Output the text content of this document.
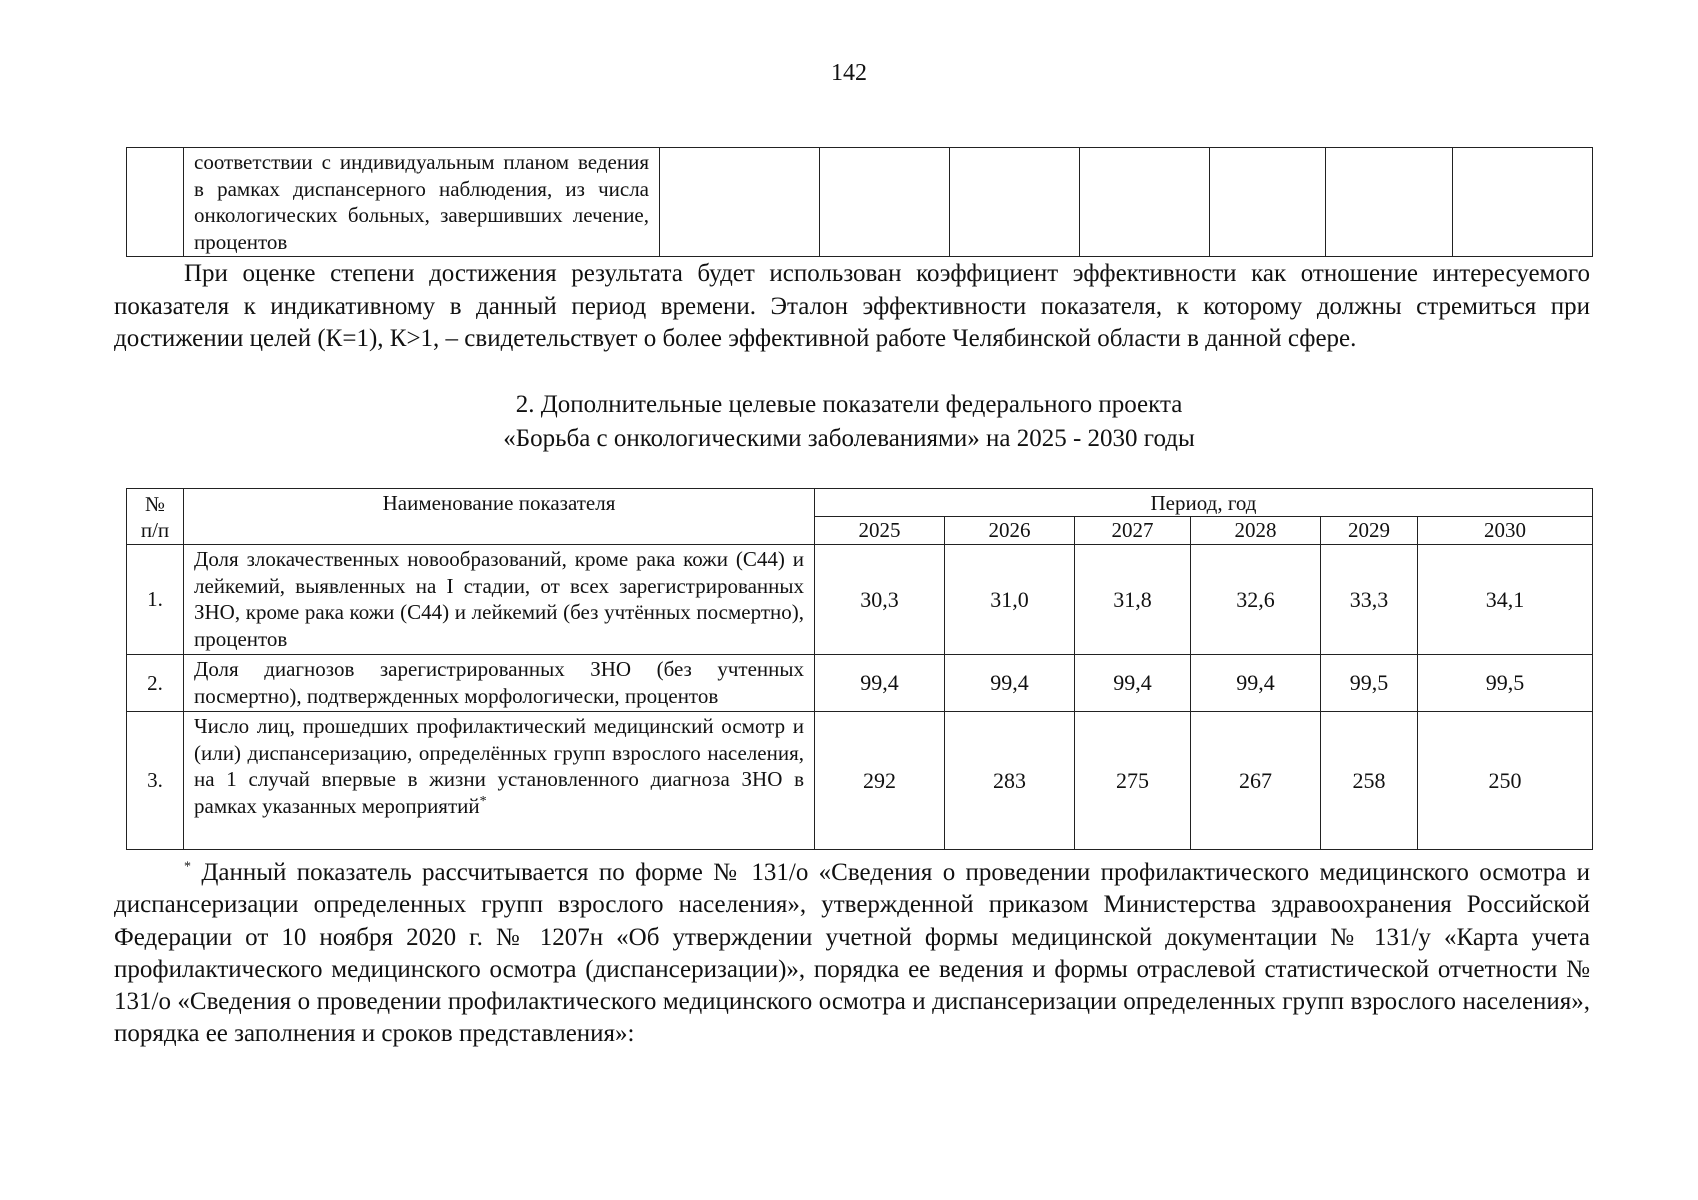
142

соответствии с индивидуальным планом ведения в рамках диспансерного наблюдения, из числа онкологических больных, завершивших лечение, процентов

При оценке степени достижения результата будет использован коэффициент эффективности как отношение интересуемого показателя к индикативному в данный период времени. Эталон эффективности показателя, к которому должны стремиться при достижении целей (К=1), К>1, – свидетельствует о более эффективной работе Челябинской области в данной сфере.

2. Дополнительные целевые показатели федерального проекта
«Борьба с онкологическими заболеваниями» на 2025 - 2030 годы
№ п/п	Наименование показателя	Период, год					
		2025	2026	2027	2028	2029	2030
1.	Доля злокачественных новообразований, кроме рака кожи (С44) и лейкемий, выявленных на I стадии, от всех зарегистрированных ЗНО, кроме рака кожи (С44) и лейкемий (без учтённых посмертно), процентов	30,3	31,0	31,8	32,6	33,3	34,1
2.	Доля диагнозов зарегистрированных ЗНО (без учтенных посмертно), подтвержденных морфологически, процентов	99,4	99,4	99,4	99,4	99,5	99,5
3.	Число лиц, прошедших профилактический медицинский осмотр и (или) диспансеризацию, определённых групп взрослого населения, на 1 случай впервые в жизни установленного диагноза ЗНО в рамках указанных мероприятий*	292	283	275	267	258	250

* Данный показатель рассчитывается по форме № 131/о «Сведения о проведении профилактического медицинского осмотра и диспансеризации определенных групп взрослого населения», утвержденной приказом Министерства здравоохранения Российской Федерации от 10 ноября 2020 г. № 1207н «Об утверждении учетной формы медицинской документации № 131/у «Карта учета профилактического медицинского осмотра (диспансеризации)», порядка ее ведения и формы отраслевой статистической отчетности № 131/о «Сведения о проведении профилактического медицинского осмотра и диспансеризации определенных групп взрослого населения», порядка ее заполнения и сроков представления»:
